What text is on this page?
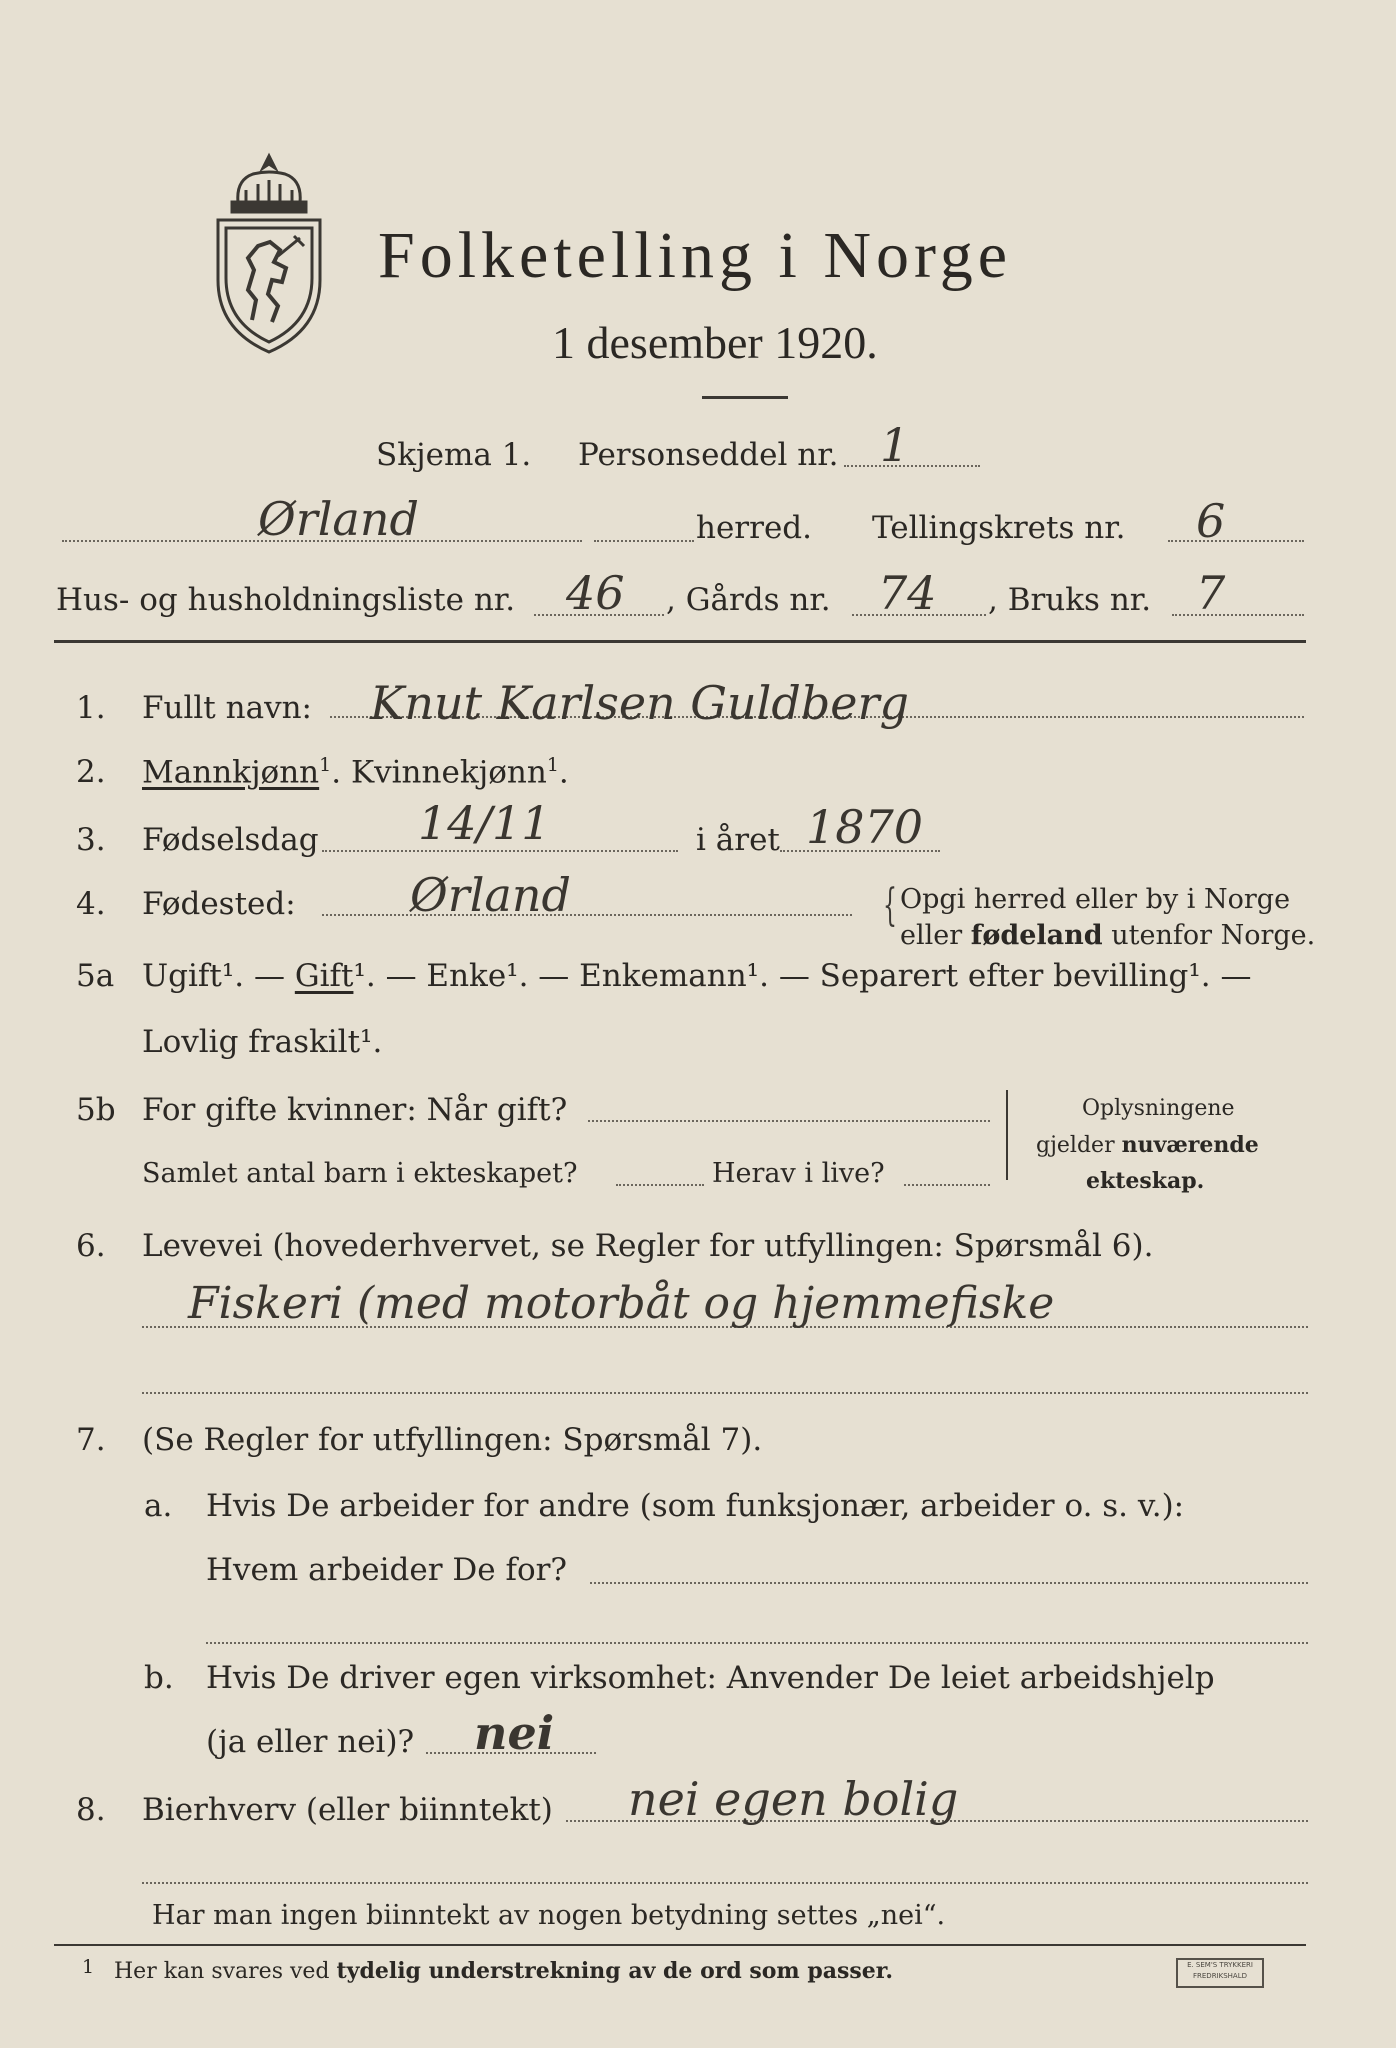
Folketelling i Norge
1 desember 1920.
Skjema 1. Personseddel nr. 1
Ørland	herred. Tellingskrets nr. 6
Hus- og husholdningsliste nr. 46 , Gårds nr. 74 , Bruks nr. 7
1. Fullt navn: Knut Karlsen Guldberg
2. Mannkjønn$^1$. Kvinnekjønn$^1$.
3. Fødselsdag 14/11	i året 1870
4. Fødested: Ørland	{ Opgi herred eller by i Norge
eller fødeland utenfor Norge.
5a Ugift¹. — Gift¹. — Enke¹. — Enkemann¹. — Separert efter bevilling¹. —
Lovlig fraskilt¹.
5b For gifte kvinner: Når gift?
Samlet antal barn i ekteskapet?	Herav i live?
Oplysningene
gjelder nuværende
ekteskap.
6. Levevei (hovederhvervet, se Regler for utfyllingen: Spørsmål 6).
Fiskeri (med motorbåt og hjemmefiske
7. (Se Regler for utfyllingen: Spørsmål 7).
a. Hvis De arbeider for andre (som funksjonær, arbeider o. s. v.):
Hvem arbeider De for?
b. Hvis De driver egen virksomhet: Anvender De leiet arbeidshjelp
(ja eller nei)? nei
8. Bierhverv (eller biinntekt) nei egen bolig
Har man ingen biinntekt av nogen betydning settes „nei“.
1 Her kan svares ved tydelig understrekning av de ord som passer.	E. SEM'S TRYKKERI
FREDRIKSHALD
